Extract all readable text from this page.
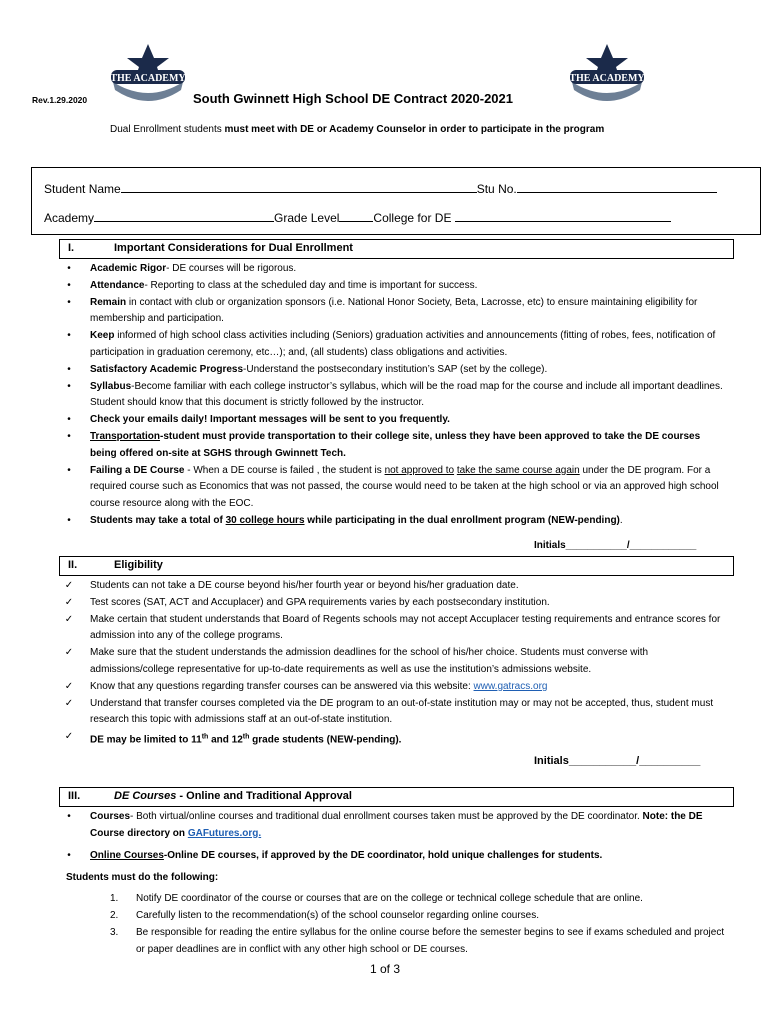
THE ACADEMY	THE ACADEMY
Rev.1.29.2020	South Gwinnett High School DE Contract 2020-2021
Dual Enrollment students must meet with DE or Academy Counselor in order to participate in the program
Student Name	Stu No.
Academy	Grade Level	College for DE
I.	Important Considerations for Dual Enrollment
•	Academic Rigor- DE courses will be rigorous.
•	Attendance- Reporting to class at the scheduled day and time is important for success.
•	Remain in contact with club or organization sponsors (i.e. National Honor Society, Beta, Lacrosse, etc) to ensure maintaining eligibility for membership and participation.
•	Keep informed of high school class activities including (Seniors) graduation activities and announcements (fitting of robes, fees, notification of participation in graduation ceremony, etc…); and, (all students) class obligations and activities.
•	Satisfactory Academic Progress-Understand the postsecondary institution’s SAP (set by the college).
•	Syllabus-Become familiar with each college instructor’s syllabus, which will be the road map for the course and include all important deadlines. Student should know that this document is strictly followed by the instructor.
•	Check your emails daily! Important messages will be sent to you frequently.
•	Transportation-student must provide transportation to their college site, unless they have been approved to take the DE courses being offered on-site at SGHS through Gwinnett Tech.
•	Failing a DE Course - When a DE course is failed , the student is not approved to take the same course again under the DE program. For a required course such as Economics that was not passed, the course would need to be taken at the high school or via an approved high school course resource along with the EOC.
•	Students may take a total of 30 college hours while participating in the dual enrollment program (NEW-pending).
Initials___________/____________
II.	Eligibility
✓ Students can not take a DE course beyond his/her fourth year or beyond his/her graduation date.
✓ Test scores (SAT, ACT and Accuplacer) and GPA requirements varies by each postsecondary institution.
✓ Make certain that student understands that Board of Regents schools may not accept Accuplacer testing requirements and entrance scores for admission into any of the college programs.
✓ Make sure that the student understands the admission deadlines for the school of his/her choice. Students must converse with admissions/college representative for up-to-date requirements as well as use the institution’s admissions website.
✓ Know that any questions regarding transfer courses can be answered via this website: www.gatracs.org
✓ Understand that transfer courses completed via the DE program to an out-of-state institution may or may not be accepted, thus, student must research this topic with admissions staff at an out-of-state institution.
✓ DE may be limited to 11th and 12th grade students (NEW-pending).
Initials___________/__________
III.	DE Courses - Online and Traditional Approval
•	Courses- Both virtual/online courses and traditional dual enrollment courses taken must be approved by the DE coordinator. Note: the DE Course directory on GAFutures.org.
•	Online Courses-Online DE courses, if approved by the DE coordinator, hold unique challenges for students.
Students must do the following:
1. Notify DE coordinator of the course or courses that are on the college or technical college schedule that are online.
2. Carefully listen to the recommendation(s) of the school counselor regarding online courses.
3. Be responsible for reading the entire syllabus for the online course before the semester begins to see if exams scheduled and project or paper deadlines are in conflict with any other high school or DE courses.
1 of 3
